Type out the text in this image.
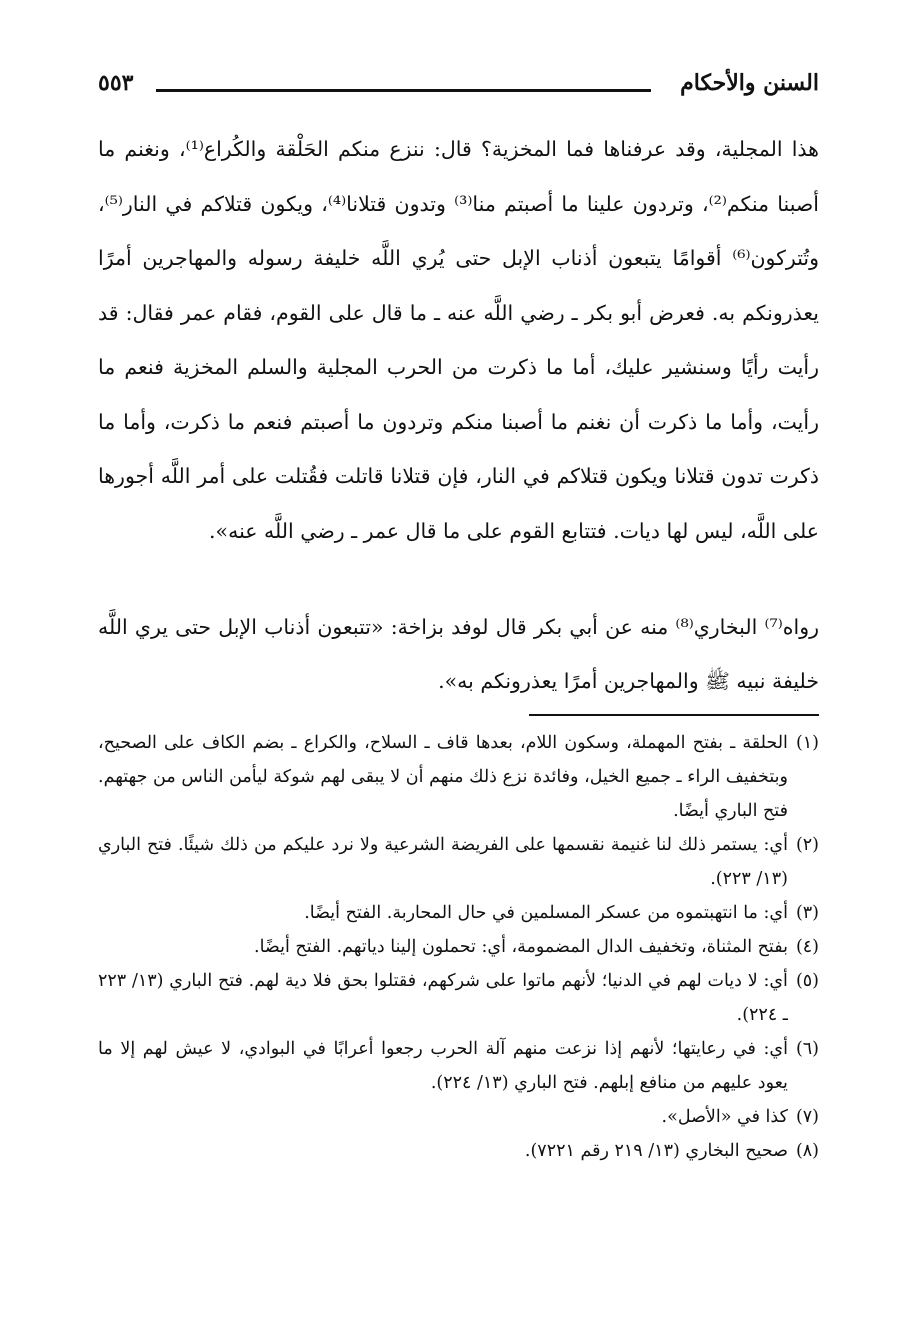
السنن والأحكام
٥٥٣

هذا المجلية، وقد عرفناها فما المخزية؟ قال: ننزع منكم الحَلْقة والكُراع⁽¹⁾، ونغنم ما أصبنا منكم⁽²⁾، وتردون علينا ما أصبتم منا⁽³⁾ وتدون قتلانا⁽⁴⁾، ويكون قتلاكم في النار⁽⁵⁾، وتُتركون⁽⁶⁾ أقوامًا يتبعون أذناب الإبل حتى يُري اللَّه خليفة رسوله والمهاجرين أمرًا يعذرونكم به. فعرض أبو بكر ـ رضي اللَّه عنه ـ ما قال على القوم، فقام عمر فقال: قد رأيت رأيًا وسنشير عليك، أما ما ذكرت من الحرب المجلية والسلم المخزية فنعم ما رأيت، وأما ما ذكرت أن نغنم ما أصبنا منكم وتردون ما أصبتم فنعم ما ذكرت، وأما ما ذكرت تدون قتلانا ويكون قتلاكم في النار، فإن قتلانا قاتلت فقُتلت على أمر اللَّه أجورها على اللَّه، ليس لها ديات. فتتابع القوم على ما قال عمر ـ رضي اللَّه عنه».

رواه⁽⁷⁾ البخاري⁽⁸⁾ منه عن أبي بكر قال لوفد بزاخة: «تتبعون أذناب الإبل حتى يري اللَّه خليفة نبيه ﷺ والمهاجرين أمرًا يعذرونكم به».

(١)
الحلقة ـ بفتح المهملة، وسكون اللام، بعدها قاف ـ السلاح، والكراع ـ بضم الكاف على الصحيح، وبتخفيف الراء ـ جميع الخيل، وفائدة نزع ذلك منهم أن لا يبقى لهم شوكة ليأمن الناس من جهتهم. فتح الباري أيضًا.
(٢)
أي: يستمر ذلك لنا غنيمة نقسمها على الفريضة الشرعية ولا نرد عليكم من ذلك شيئًا. فتح الباري (١٣/ ٢٢٣).
(٣)
أي: ما انتهبتموه من عسكر المسلمين في حال المحاربة. الفتح أيضًا.
(٤)
بفتح المثناة، وتخفيف الدال المضمومة، أي: تحملون إلينا دياتهم. الفتح أيضًا.
(٥)
أي: لا ديات لهم في الدنيا؛ لأنهم ماتوا على شركهم، فقتلوا بحق فلا دية لهم. فتح الباري (١٣/ ٢٢٣ ـ ٢٢٤).
(٦)
أي: في رعايتها؛ لأنهم إذا نزعت منهم آلة الحرب رجعوا أعرابًا في البوادي، لا عيش لهم إلا ما يعود عليهم من منافع إبلهم. فتح الباري (١٣/ ٢٢٤).
(٧)
كذا في «الأصل».
(٨)
صحيح البخاري (١٣/ ٢١٩ رقم ٧٢٢١).
